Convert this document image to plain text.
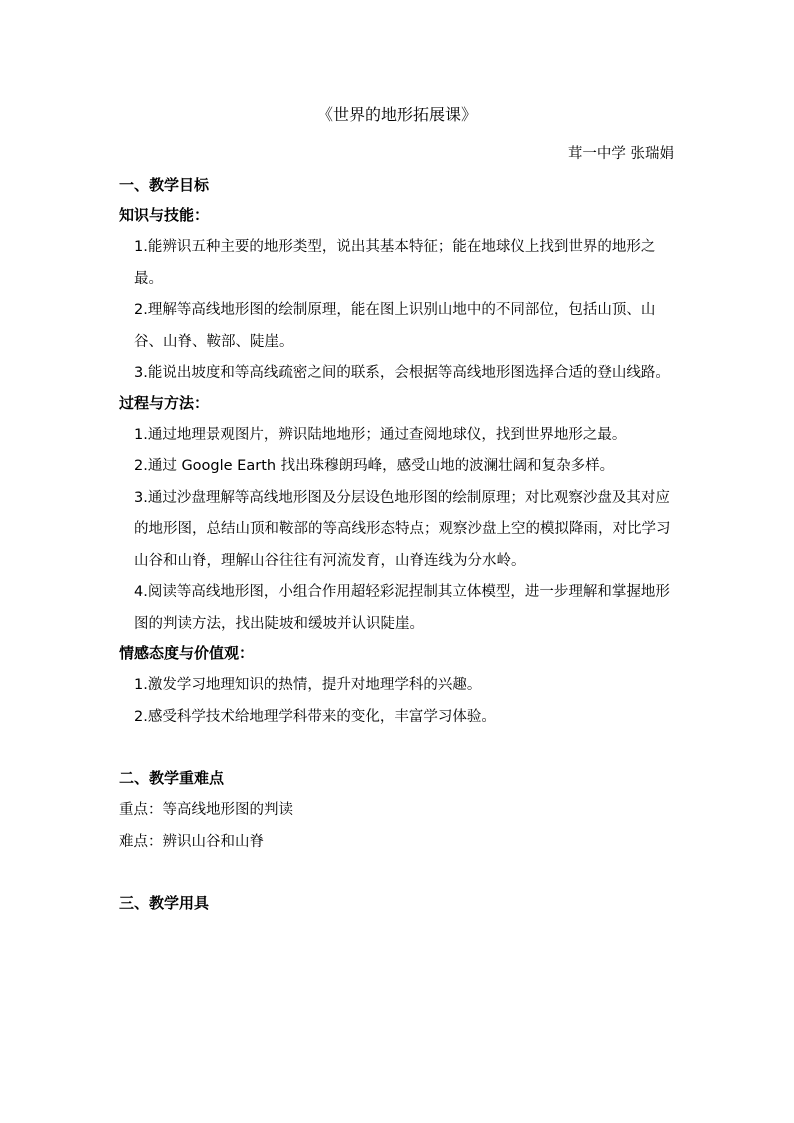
《世界的地形拓展课》
茸一中学 张瑞娟
一、教学目标
知识与技能：
1.能辨识五种主要的地形类型，说出其基本特征；能在地球仪上找到世界的地形之最。
2.理解等高线地形图的绘制原理，能在图上识别山地中的不同部位，包括山顶、山谷、山脊、鞍部、陡崖。
3.能说出坡度和等高线疏密之间的联系，会根据等高线地形图选择合适的登山线路。
过程与方法：
1.通过地理景观图片，辨识陆地地形；通过查阅地球仪，找到世界地形之最。
2.通过 Google Earth 找出珠穆朗玛峰，感受山地的波澜壮阔和复杂多样。
3.通过沙盘理解等高线地形图及分层设色地形图的绘制原理；对比观察沙盘及其对应的地形图，总结山顶和鞍部的等高线形态特点；观察沙盘上空的模拟降雨，对比学习山谷和山脊，理解山谷往往有河流发育，山脊连线为分水岭。
4.阅读等高线地形图，小组合作用超轻彩泥捏制其立体模型，进一步理解和掌握地形图的判读方法，找出陡坡和缓坡并认识陡崖。
情感态度与价值观：
1.激发学习地理知识的热情，提升对地理学科的兴趣。
2.感受科学技术给地理学科带来的变化，丰富学习体验。
二、教学重难点
重点：等高线地形图的判读
难点：辨识山谷和山脊
三、教学用具
